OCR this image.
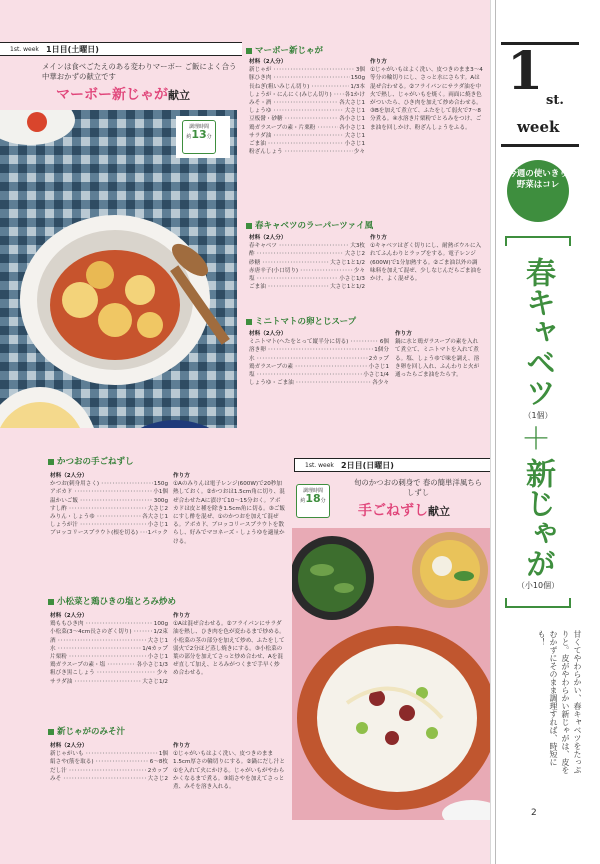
1st. week 1日目(土曜日)
メインは食べごたえのある変わりマーボー ご飯によく合う中華おかずの献立です
マーボー新じゃが献立
調理時間
約13分
マーボー新じゃが
材料（2人分）
新じゃが ･･････････････････････････････････････････････････	3個
豚ひき肉 ･･････････････････････････････････････････････････	150g
長ねぎ(粗いみじん切り) ･･････････････････････････････････････････････････	1/3本
しょうが・にんにく(みじん切り) ･･････････････････････････････････････････････････	各1かけ
みそ・酒 ･･････････････････････････････････････････････････	各大さじ1
しょうゆ ･･････････････････････････････････････････････････	大さじ1
豆板醤・砂糖 ･･････････････････････････････････････････････････	各小さじ1
鶏ガラスープの素・片栗粉 ･･････････････････････････････････････････････････	各小さじ1
サラダ油 ･･････････････････････････････････････････････････	大さじ1
ごま油 ･･････････････････････････････････････････････････	小さじ1
粉ざんしょう ･･････････････････････････････････････････････････	少々
作り方
①じゃがいもはよく洗い、皮つきのまま3〜4等分の輪切りにし、さっと水にさらす。Aは混ぜ合わせる。②フライパンにサラダ油を中火で熱し、じゃがいもを焼く。両面に焼き色がついたら、ひき肉を加えて炒め合わせる。③Bを加えて煮立て、ふたをして弱火で7〜8分煮る。④水溶き片栗粉でとろみをつけ、ごま油を回しかけ、粉ざんしょうをふる。
春キャベツのラーパーツァイ風
材料（2人分）
春キャベツ ･･････････････････････････････････････････････････	大3枚
酢 ･･････････････････････････････････････････････････	大さじ2
砂糖 ･･････････････････････････････････････････････････	大さじ1と1/2
赤唐辛子(小口切り) ･･････････････････････････････････････････････････	少々
塩 ･･････････････････････････････････････････････････	小さじ1/3
ごま油 ･･････････････････････････････････････････････････	大さじ1と1/2
作り方
①キャベツはざく切りにし、耐熱ボウルに入れてふんわりとラップをする。電子レンジ(600W)で1分加熱する。②ごま油以外の調味料を加えて混ぜ、少しなじんだらごま油をかけ、よく混ぜる。
ミニトマトの卵とじスープ
材料（2人分）
ミニトマト(へたをとって縦半分に切る) ･･････････････････････････････････････････････････	6個
溶き卵 ･･････････････････････････････････････････････････	1個分
水 ･･････････････････････････････････････････････････	2カップ
鶏ガラスープの素 ･･････････････････････････････････････････････････	小さじ1
塩 ･･････････････････････････････････････････････････	小さじ1/4
しょうゆ・ごま油 ･･････････････････････････････････････････････････	各少々
作り方
鍋に水と鶏ガラスープの素を入れて煮立て、ミニトマトを入れて煮る。塩、しょうゆで味を調え、溶き卵を回し入れ、ふんわりと火が通ったらごま油をたらす。
かつおの手ごねずし
材料（2人分）
かつお(刺身用さく) ･･････････････････････････････････････････････････	150g
アボカド ･･････････････････････････････････････････････････	小1個
温かいご飯 ･･････････････････････････････････････････････････	300g
すし酢 ･･････････････････････････････････････････････････	大さじ2
みりん・しょうゆ ･･････････････････････････････････････････････････	各大さじ1
しょうが汁 ･･････････････････････････････････････････････････	小さじ1
ブロッコリースプラウト(根を切る) ･･････････････････････････････････････････････････	1パック
作り方
①Aのみりんは電子レンジ(600W)で20秒加熱しておく。②かつおは1.5cm角に切り、混ぜ合わせたAに漬けて10〜15分おく。アボカドは皮と種を除き1.5cm角に切る。③ご飯にすし酢を混ぜ、①のかつおを加えて混ぜる。アボカド、ブロッコリースプラウトを散らし、好みでマヨネーズ・しょうゆを適量かける。
小松菜と鶏ひきの塩とろみ炒め
材料（2人分）
鶏ももひき肉 ･･････････････････････････････････････････････････	100g
小松菜(3〜4cm長さのざく切り) ･･････････････････････････････････････････････････	1/2束
酒 ･･････････････････････････････････････････････････	大さじ1
水 ･･････････････････････････････････････････････････	1/4カップ
片栗粉 ･･････････････････････････････････････････････････	小さじ1
鶏ガラスープの素・塩 ･･････････････････････････････････････････････････	各小さじ1/3
粗びき黒こしょう ･･････････････････････････････････････････････････	少々
サラダ油 ･･････････････････････････････････････････････････	大さじ1/2
作り方
①Aは混ぜ合わせる。②フライパンにサラダ油を熱し、ひき肉を色が変わるまで炒める。小松菜の茎の部分を加えて炒め、ふたをして弱火で2分ほど蒸し焼きにする。③小松菜の葉の部分を加えてさっと炒め合わせ、Aを混ぜ直して加え、とろみがつくまで手早く炒め合わせる。
新じゃがのみそ汁
材料（2人分）
新じゃがいも ･･････････････････････････････････････････････････	1個
絹さや(筋を取る) ･･････････････････････････････････････････････････	6〜8枚
だし汁 ･･････････････････････････････････････････････････	2カップ
みそ ･･････････････････････････････････････････････････	大さじ2
作り方
①じゃがいもはよく洗い、皮つきのまま1.5cm厚さの輪切りにする。②鍋にだし汁と①を入れて火にかける。じゃがいもがやわらかくなるまで煮る。③絹さやを加えてさっと煮、みそを溶き入れる。
1st. week 2日目(日曜日)
旬のかつおの刺身で 春の簡単洋風ちらしずし
手ごねずし献立
調理時間
約18分
1 st.
week
今週の使いきり野菜はコレ
春キャベツ
（1個）
＋
新じゃが
（小10個）
甘くてやわらかい、春キャベツをたっぷりと。皮がやわらかい新じゃがは、皮をむかずにそのまま調理すれば、時短にも！
2
